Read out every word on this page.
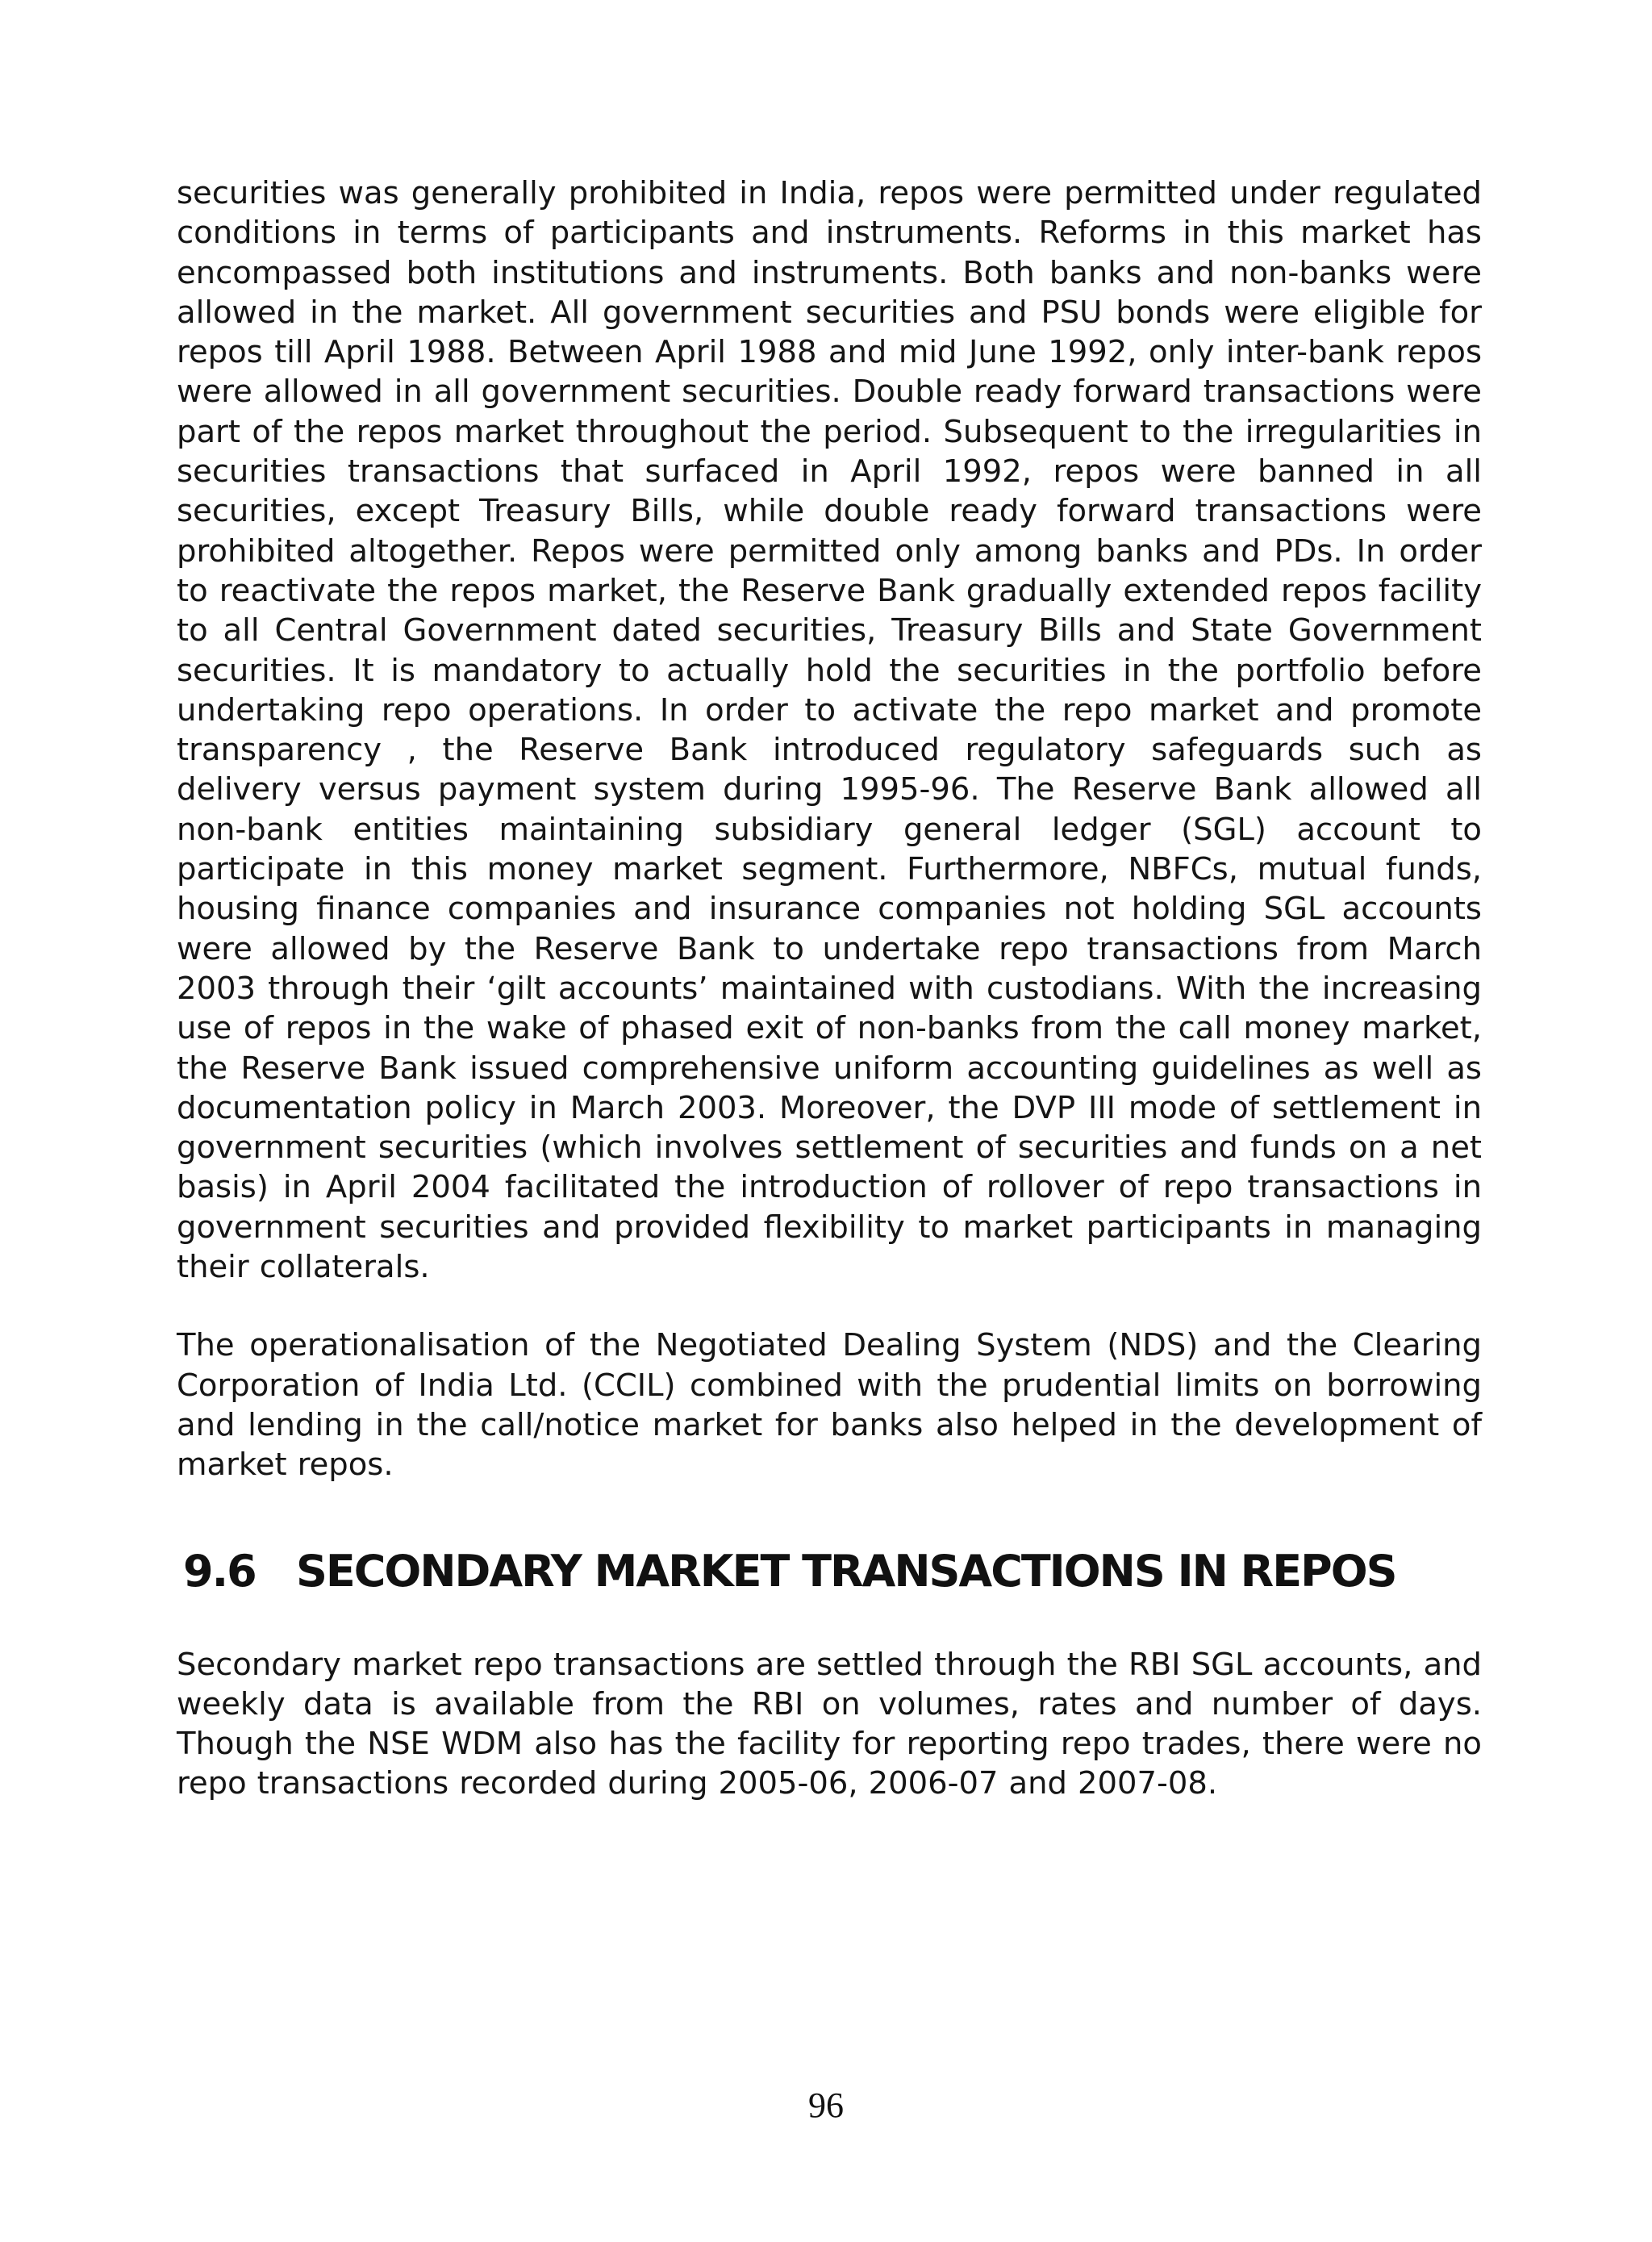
securities was generally prohibited in India, repos were permitted under regulated conditions in terms of participants and instruments. Reforms in this market has encompassed both institutions and instruments. Both banks and non-banks were allowed in the market. All government securities and PSU bonds were eligible for repos till April 1988. Between April 1988 and mid June 1992, only inter-bank repos were allowed in all government securities. Double ready forward transactions were part of the repos market throughout the period. Subsequent to the irregularities in securities transactions that surfaced in April 1992, repos were banned in all securities, except Treasury Bills, while double ready forward transactions were prohibited altogether. Repos were permitted only among banks and PDs. In order to reactivate the repos market, the Reserve Bank gradually extended repos facility to all Central Government dated securities, Treasury Bills and State Government securities. It is mandatory to actually hold the securities in the portfolio before undertaking repo operations. In order to activate the repo market and promote transparency , the Reserve Bank introduced regulatory safeguards such as delivery versus payment system during 1995-96. The Reserve Bank allowed all non-bank entities maintaining subsidiary general ledger (SGL) account to participate in this money market segment. Furthermore, NBFCs, mutual funds, housing finance companies and insurance companies not holding SGL accounts were allowed by the Reserve Bank to undertake repo transactions from March 2003 through their ‘gilt accounts’ maintained with custodians. With the increasing use of repos in the wake of phased exit of non-banks from the call money market, the Reserve Bank issued comprehensive uniform accounting guidelines as well as documentation policy in March 2003. Moreover, the DVP III mode of settlement in government securities (which involves settlement of securities and funds on a net basis) in April 2004 facilitated the introduction of rollover of repo transactions in government securities and provided flexibility to market participants in managing their collaterals.

The operationalisation of the Negotiated Dealing System (NDS) and the Clearing Corporation of India Ltd. (CCIL) combined with the prudential limits on borrowing and lending in the call/notice market for banks also helped in the development of market repos.

9.6 SECONDARY MARKET TRANSACTIONS IN REPOS

Secondary market repo transactions are settled through the RBI SGL accounts, and weekly data is available from the RBI on volumes, rates and number of days. Though the NSE WDM also has the facility for reporting repo trades, there were no repo transactions recorded during 2005-06, 2006-07 and 2007-08.

96
